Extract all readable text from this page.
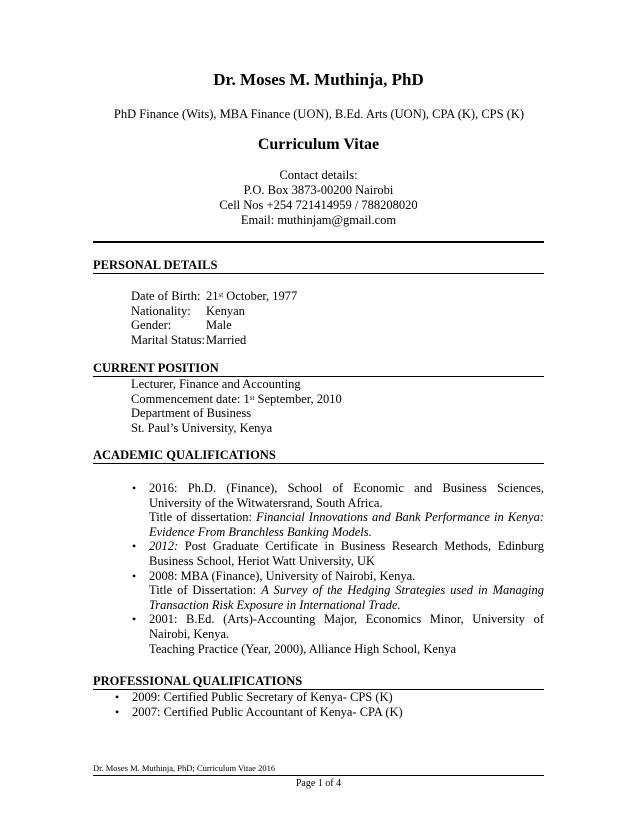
Dr. Moses M. Muthinja, PhD
PhD Finance (Wits), MBA Finance (UON), B.Ed. Arts (UON), CPA (K), CPS (K)
Curriculum Vitae
Contact details:
P.O. Box 3873-00200 Nairobi
Cell Nos +254 721414959 / 788208020
Email: muthinjam@gmail.com
PERSONAL DETAILS
Date of Birth: 21st October, 1977
Nationality:	Kenyan
Gender:	Male
Marital Status: Married
CURRENT POSITION
Lecturer, Finance and Accounting
Commencement date: 1st September, 2010
Department of Business
St. Paul’s University, Kenya
ACADEMIC QUALIFICATIONS
• 2016: Ph.D. (Finance), School of Economic and Business Sciences,
University of the Witwatersrand, South Africa.
Title of dissertation: Financial Innovations and Bank Performance in Kenya:
Evidence From Branchless Banking Models.
• 2012: Post Graduate Certificate in Business Research Methods, Edinburg
Business School, Heriot Watt University, UK
• 2008: MBA (Finance), University of Nairobi, Kenya.
Title of Dissertation: A Survey of the Hedging Strategies used in Managing
Transaction Risk Exposure in International Trade.
• 2001: B.Ed. (Arts)-Accounting Major, Economics Minor, University of
Nairobi, Kenya.
Teaching Practice (Year, 2000), Alliance High School, Kenya
PROFESSIONAL QUALIFICATIONS
• 2009: Certified Public Secretary of Kenya- CPS (K)
• 2007: Certified Public Accountant of Kenya- CPA (K)
Dr. Moses M. Muthinja, PhD; Curriculum Vitae 2016
Page 1 of 4
